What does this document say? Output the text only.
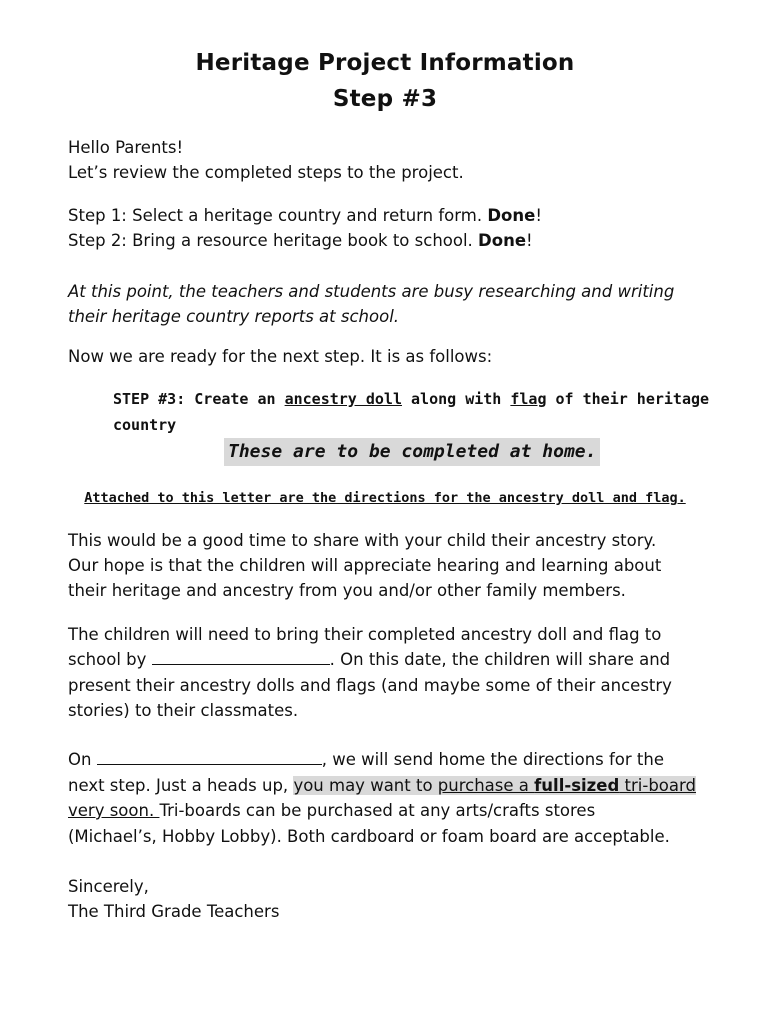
Heritage Project Information
Step #3
Hello Parents!
Let’s review the completed steps to the project.
Step 1: Select a heritage country and return form. Done!
Step 2: Bring a resource heritage book to school. Done!
At this point, the teachers and students are busy researching and writing
their heritage country reports at school.
Now we are ready for the next step. It is as follows:
STEP #3: Create an ancestry doll along with flag of their heritage
country
These are to be completed at home.
Attached to this letter are the directions for the ancestry doll and flag.
This would be a good time to share with your child their ancestry story.
Our hope is that the children will appreciate hearing and learning about
their heritage and ancestry from you and/or other family members.
The children will need to bring their completed ancestry doll and flag to
school by	. On this date, the children will share and
present their ancestry dolls and flags (and maybe some of their ancestry
stories) to their classmates.
On	, we will send home the directions for the
next step. Just a heads up, you may want to purchase a full-sized tri-board
very soon. Tri-boards can be purchased at any arts/crafts stores
(Michael’s, Hobby Lobby). Both cardboard or foam board are acceptable.
Sincerely,
The Third Grade Teachers
